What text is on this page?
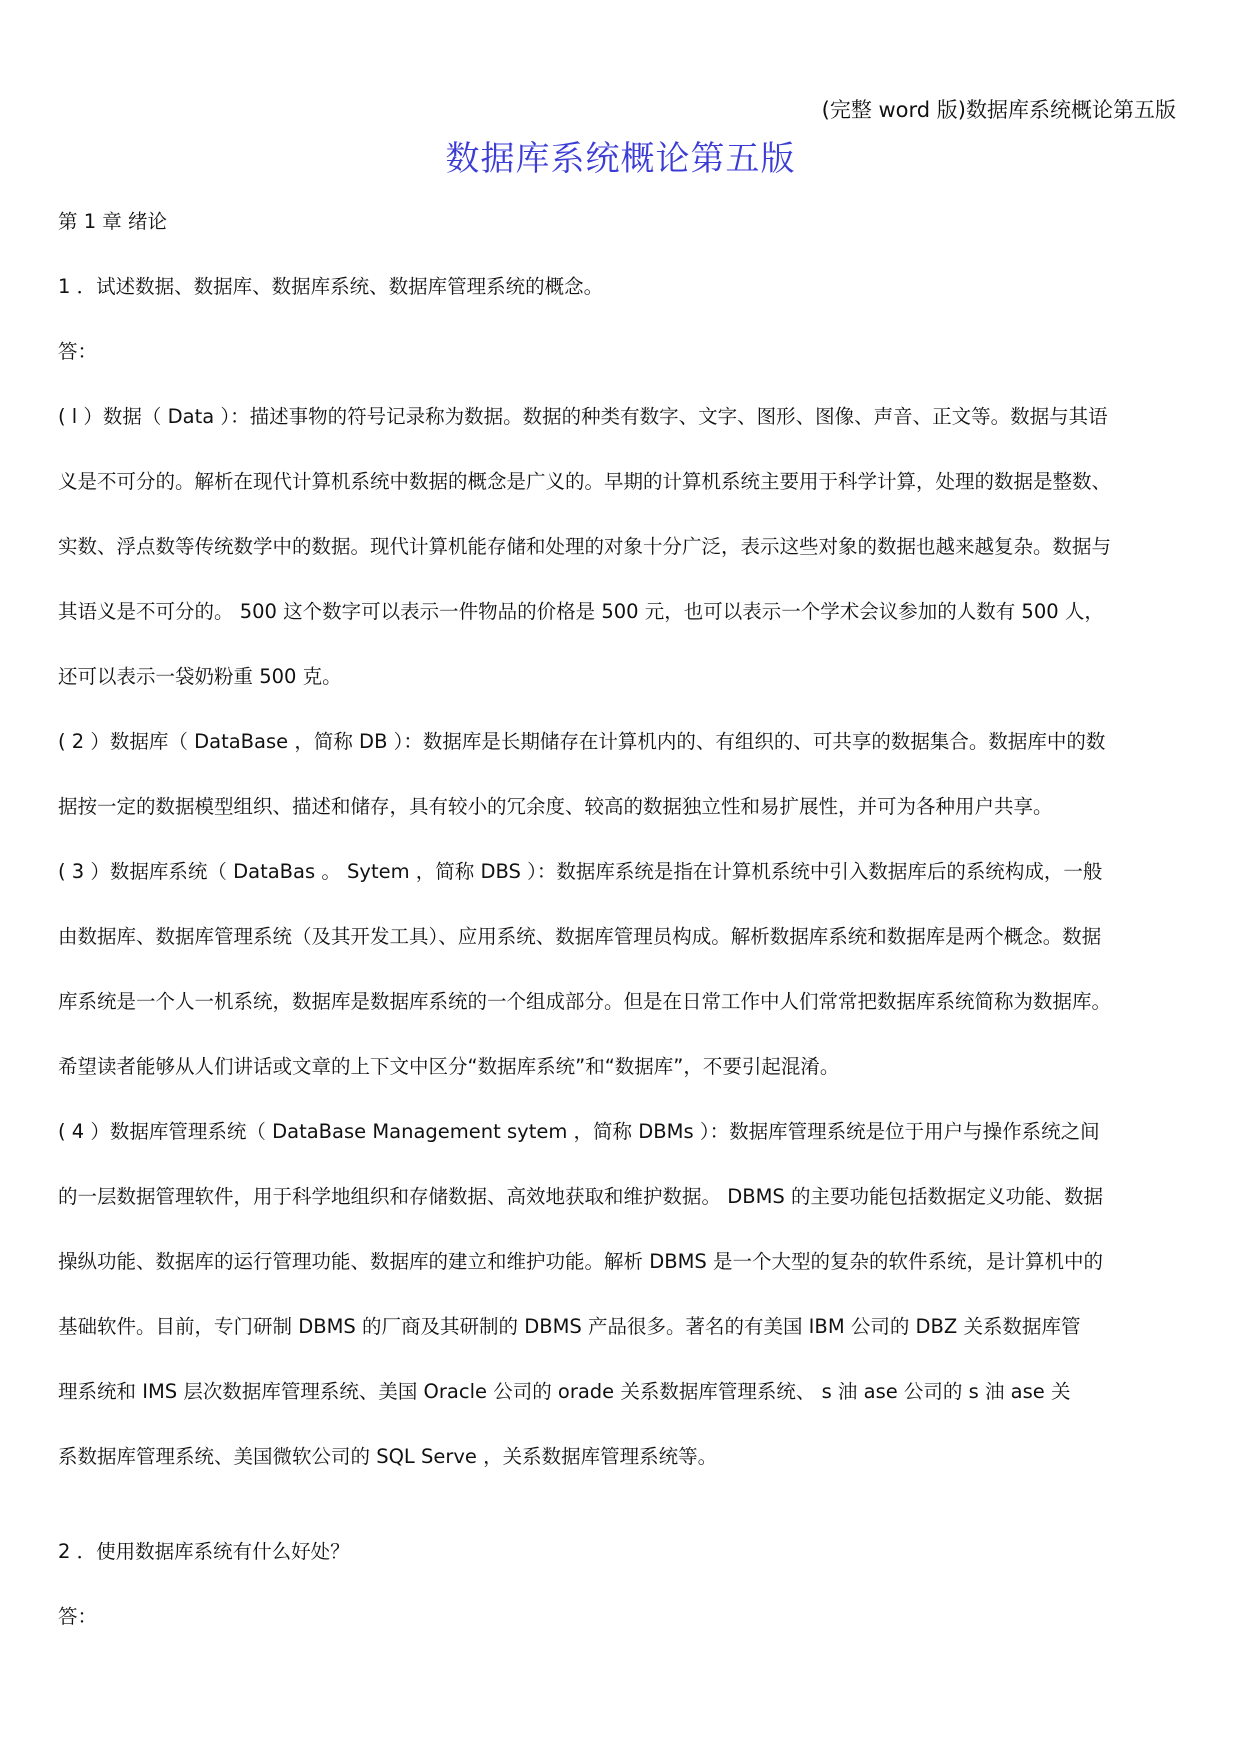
(完整 word 版)数据库系统概论第五版
数据库系统概论第五版
第 1 章 绪论
1 ．试述数据、数据库、数据库系统、数据库管理系统的概念。
答：
( l ）数据（ Data ）：描述事物的符号记录称为数据。数据的种类有数字、文字、图形、图像、声音、正文等。数据与其语
义是不可分的。解析在现代计算机系统中数据的概念是广义的。早期的计算机系统主要用于科学计算，处理的数据是整数、
实数、浮点数等传统数学中的数据。现代计算机能存储和处理的对象十分广泛，表示这些对象的数据也越来越复杂。数据与
其语义是不可分的。 500 这个数字可以表示一件物品的价格是 500 元，也可以表示一个学术会议参加的人数有 500 人，
还可以表示一袋奶粉重 500 克。
( 2 ）数据库（ DataBase ，简称 DB ）：数据库是长期储存在计算机内的、有组织的、可共享的数据集合。数据库中的数
据按一定的数据模型组织、描述和储存，具有较小的冗余度、较高的数据独立性和易扩展性，并可为各种用户共享。
( 3 ）数据库系统（ DataBas 。 Sytem ，简称 DBS ）：数据库系统是指在计算机系统中引入数据库后的系统构成，一般
由数据库、数据库管理系统（及其开发工具）、应用系统、数据库管理员构成。解析数据库系统和数据库是两个概念。数据
库系统是一个人一机系统，数据库是数据库系统的一个组成部分。但是在日常工作中人们常常把数据库系统简称为数据库。
希望读者能够从人们讲话或文章的上下文中区分“数据库系统”和“数据库”，不要引起混淆。
( 4 ）数据库管理系统（ DataBase Management sytem ，简称 DBMs ）：数据库管理系统是位于用户与操作系统之间
的一层数据管理软件，用于科学地组织和存储数据、高效地获取和维护数据。 DBMS 的主要功能包括数据定义功能、数据
操纵功能、数据库的运行管理功能、数据库的建立和维护功能。解析 DBMS 是一个大型的复杂的软件系统，是计算机中的
基础软件。目前，专门研制 DBMS 的厂商及其研制的 DBMS 产品很多。著名的有美国 IBM 公司的 DBZ 关系数据库管
理系统和 IMS 层次数据库管理系统、美国 Oracle 公司的 orade 关系数据库管理系统、 s 油 ase 公司的 s 油 ase 关
系数据库管理系统、美国微软公司的 SQL Serve ，关系数据库管理系统等。
2 ．使用数据库系统有什么好处？
答：
